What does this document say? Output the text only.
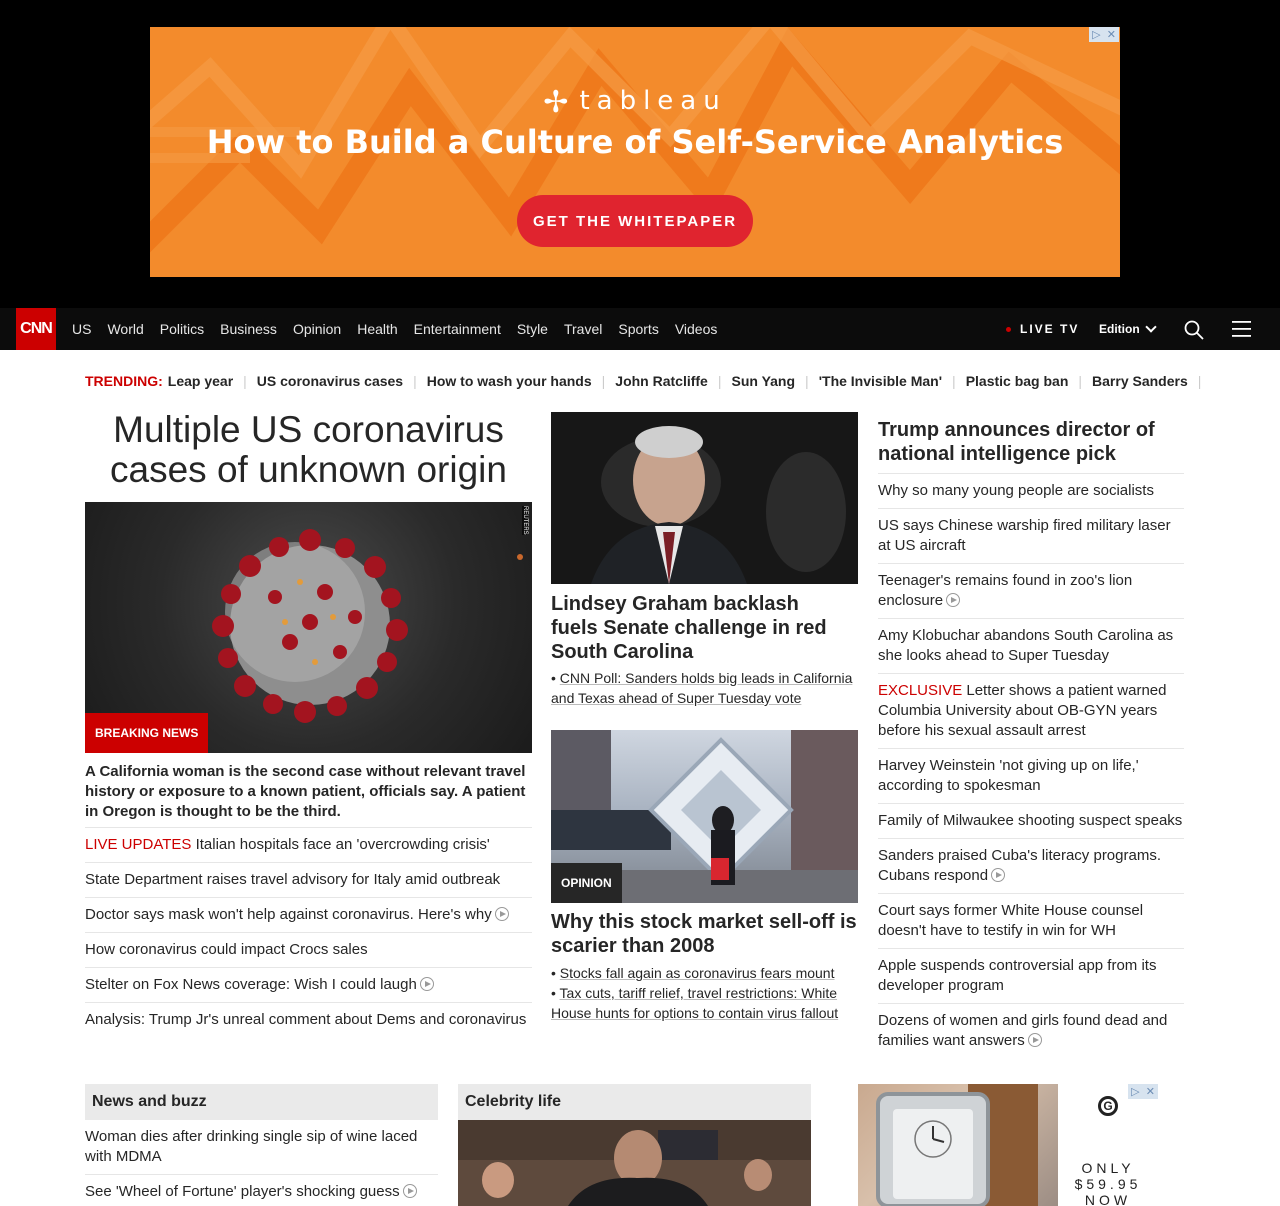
✢ tableau
How to Build a Culture of Self-Service Analytics
GET THE WHITEPAPER
▷ ✕
CNN US World Politics Business Opinion Health Entertainment Style Travel Sports Videos	LIVE TV Edition
TRENDING: Leap year | US coronavirus cases | How to wash your hands | John Ratcliffe | Sun Yang | 'The Invisible Man' | Plastic bag ban | Barry Sanders |
Multiple US coronavirus cases of unknown origin
REUTERS
BREAKING NEWS
A California woman is the second case without relevant travel history or exposure to a known patient, officials say. A patient in Oregon is thought to be the third.
LIVE UPDATES Italian hospitals face an 'overcrowding crisis'
State Department raises travel advisory for Italy amid outbreak
Doctor says mask won't help against coronavirus. Here's why
How coronavirus could impact Crocs sales
Stelter on Fox News coverage: Wish I could laugh
Analysis: Trump Jr's unreal comment about Dems and coronavirus
Lindsey Graham backlash fuels Senate challenge in red South Carolina
• CNN Poll: Sanders holds big leads in California and Texas ahead of Super Tuesday vote
OPINION
Why this stock market sell-off is scarier than 2008
• Stocks fall again as coronavirus fears mount
• Tax cuts, tariff relief, travel restrictions: White House hunts for options to contain virus fallout
Trump announces director of national intelligence pick
Why so many young people are socialists
US says Chinese warship fired military laser at US aircraft
Teenager's remains found in zoo's lion enclosure
Amy Klobuchar abandons South Carolina as she looks ahead to Super Tuesday
EXCLUSIVE Letter shows a patient warned Columbia University about OB-GYN years before his sexual assault arrest
Harvey Weinstein 'not giving up on life,' according to spokesman
Family of Milwaukee shooting suspect speaks
Sanders praised Cuba's literacy programs. Cubans respond
Court says former White House counsel doesn't have to testify in win for WH
Apple suspends controversial app from its developer program
Dozens of women and girls found dead and families want answers
News and buzz
Woman dies after drinking single sip of wine laced with MDMA
See 'Wheel of Fortune' player's shocking guess
Celebrity life
▷ ✕
G
ONLY
$59.95
NOW
